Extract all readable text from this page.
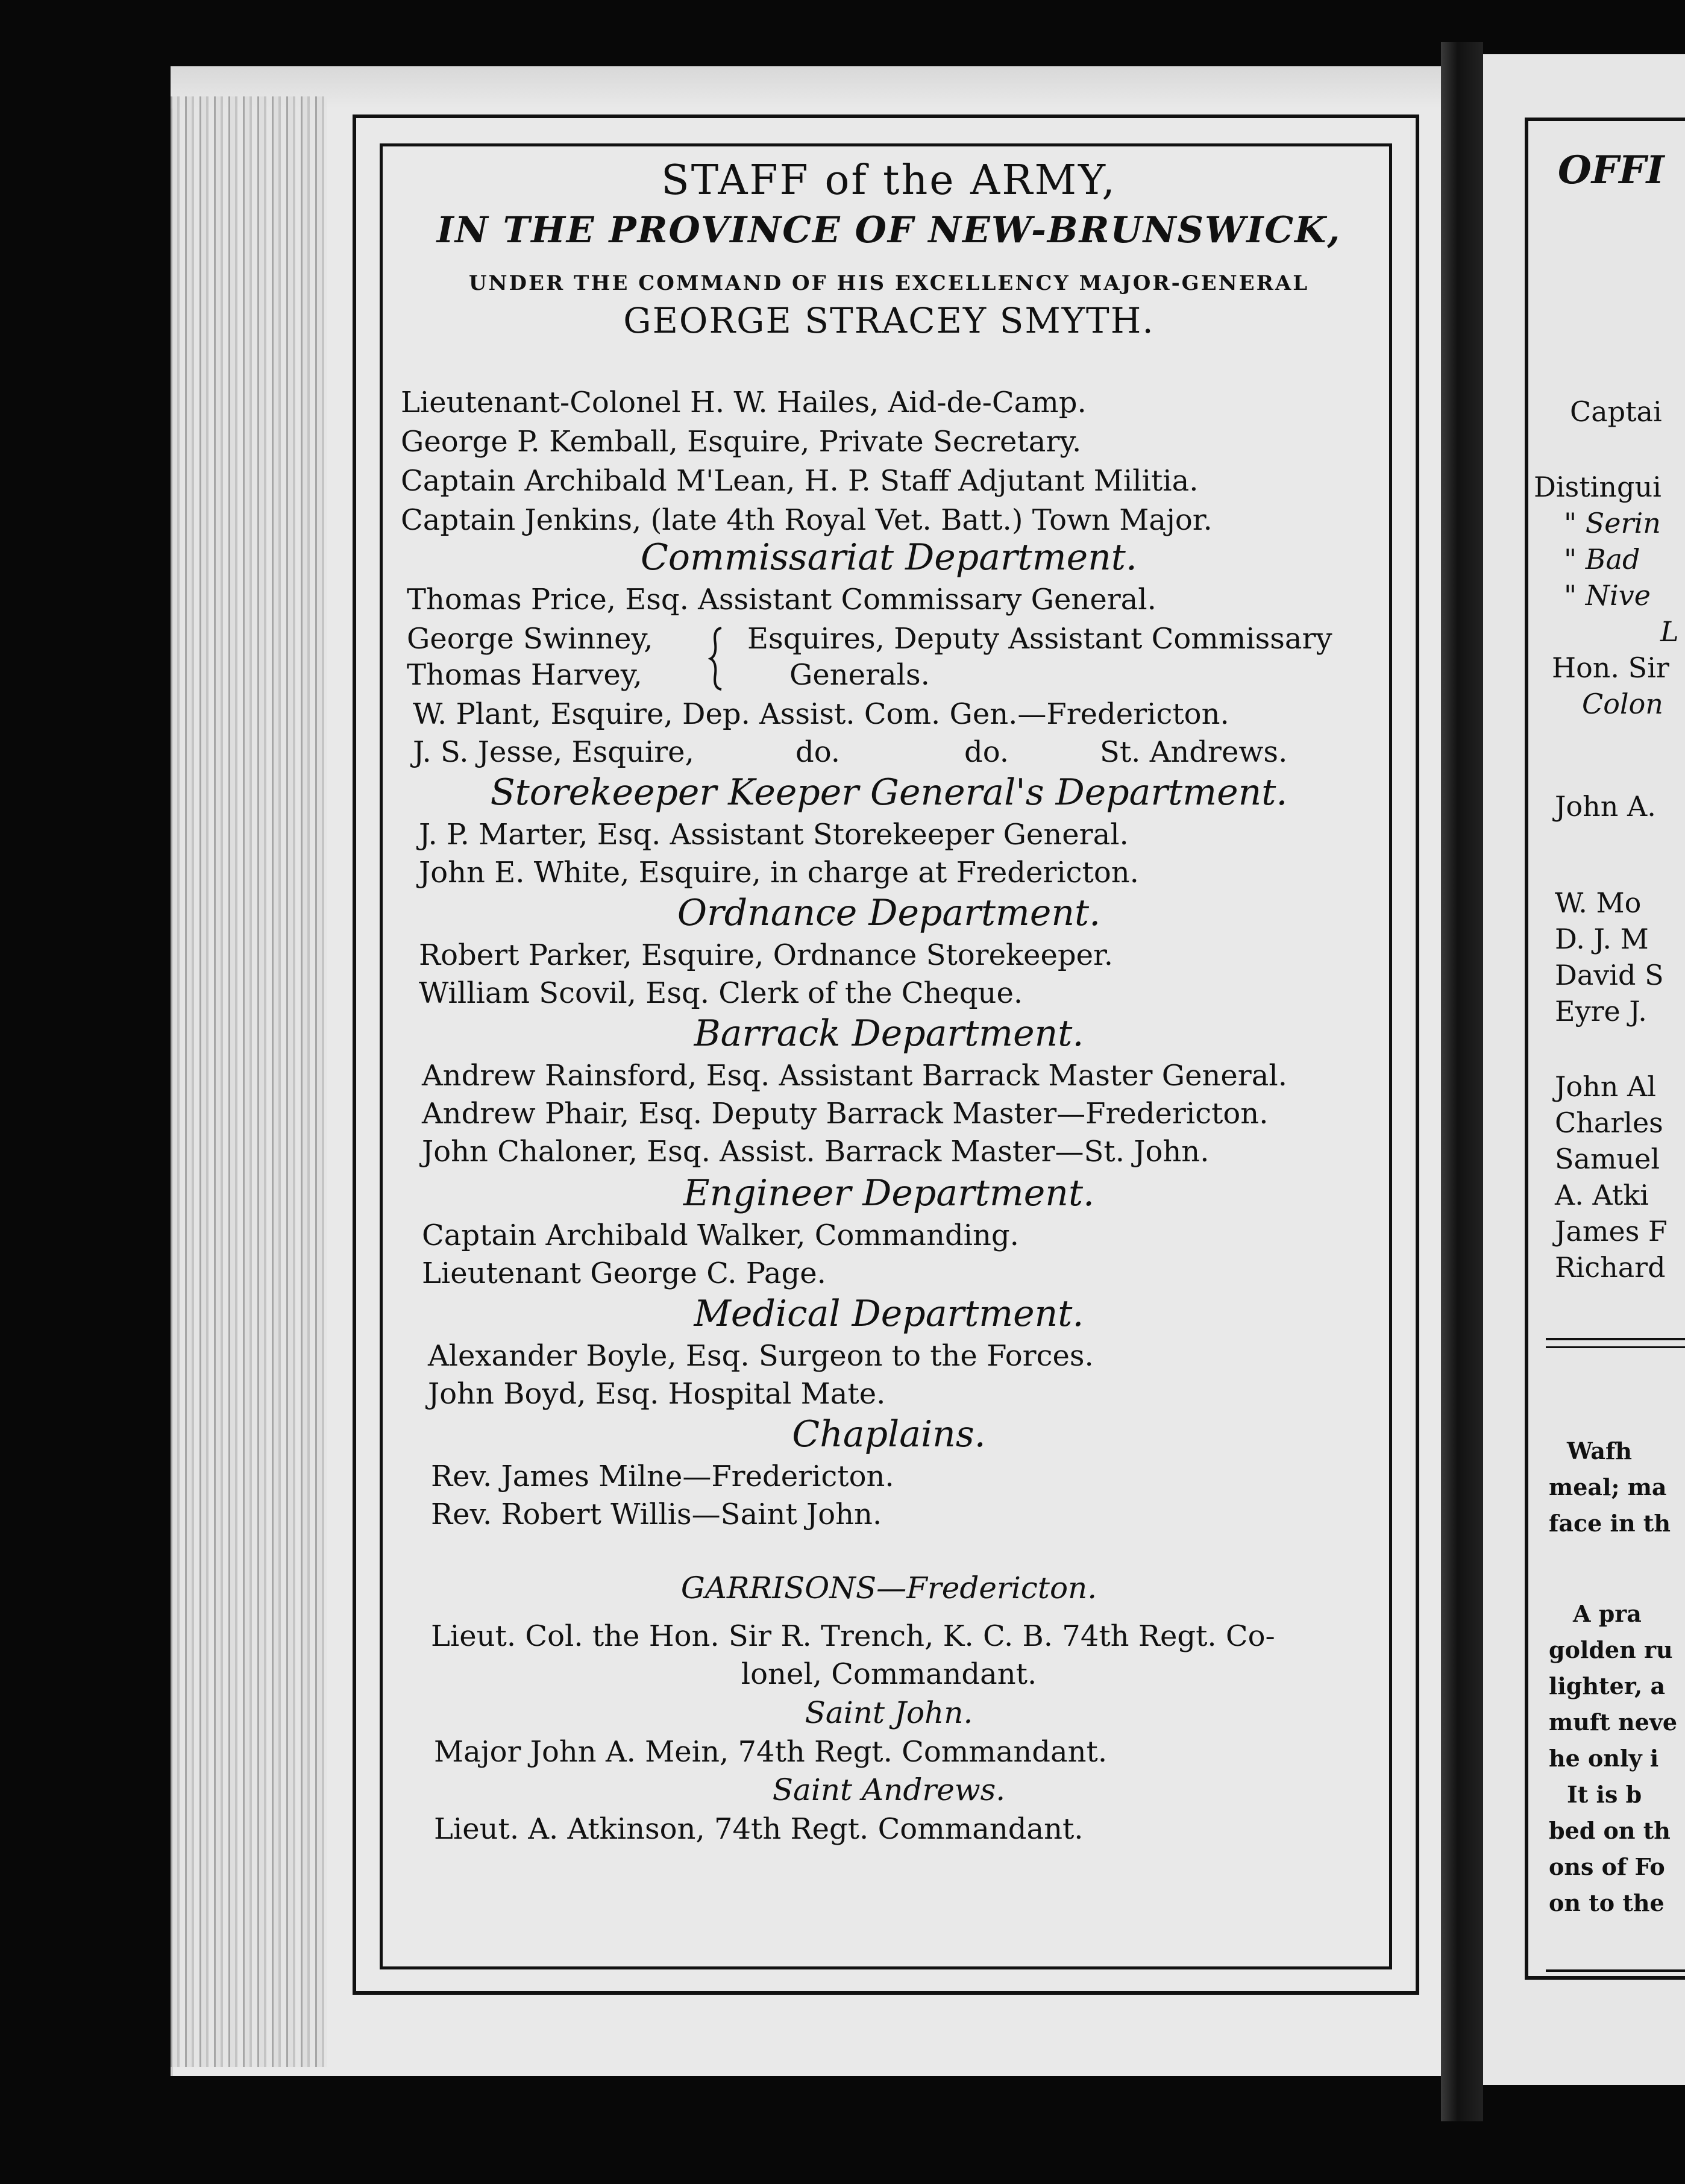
STAFF of the ARMY,
IN THE PROVINCE OF NEW-BRUNSWICK,
UNDER THE COMMAND OF HIS EXCELLENCY MAJOR-GENERAL
GEORGE STRACEY SMYTH.
Lieutenant-Colonel H. W. Hailes, Aid-de-Camp.
George P. Kemball, Esquire, Private Secretary.
Captain Archibald M'Lean, H. P. Staff Adjutant Militia.
Captain Jenkins, (late 4th Royal Vet. Batt.) Town Major.
Commissariat Department.
Thomas Price, Esq. Assistant Commissary General.
George Swinney,
Thomas Harvey,
Esquires, Deputy Assistant Commissary
Generals.
W. Plant, Esquire, Dep. Assist. Com. Gen.—Fredericton.
J. S. Jesse, Esquire,	do.	do.	St. Andrews.
Storekeeper Keeper General's Department.
J. P. Marter, Esq. Assistant Storekeeper General.
John E. White, Esquire, in charge at Fredericton.
Ordnance Department.
Robert Parker, Esquire, Ordnance Storekeeper.
William Scovil, Esq. Clerk of the Cheque.
Barrack Department.
Andrew Rainsford, Esq. Assistant Barrack Master General.
Andrew Phair, Esq. Deputy Barrack Master—Fredericton.
John Chaloner, Esq. Assist. Barrack Master—St. John.
Engineer Department.
Captain Archibald Walker, Commanding.
Lieutenant George C. Page.
Medical Department.
Alexander Boyle, Esq. Surgeon to the Forces.
John Boyd, Esq. Hospital Mate.
Chaplains.
Rev. James Milne—Fredericton.
Rev. Robert Willis—Saint John.
GARRISONS—Fredericton.
Lieut. Col. the Hon. Sir R. Trench, K. C. B. 74th Regt. Co-
lonel, Commandant.
Saint John.
Major John A. Mein, 74th Regt. Commandant.
Saint Andrews.
Lieut. A. Atkinson, 74th Regt. Commandant.
OFFI
Captai
Distingui
" Serin
" Bad
" Nive
L
Hon. Sir
Colon
John A.
W. Mo
D. J. M
David S
Eyre J.
John Al
Charles
Samuel
A. Atki
James F
Richard
Wafh
meal; ma
face in th
A pra
golden ru
lighter, a
muft neve
he only i
It is b
bed on th
ons of Fo
on to the
